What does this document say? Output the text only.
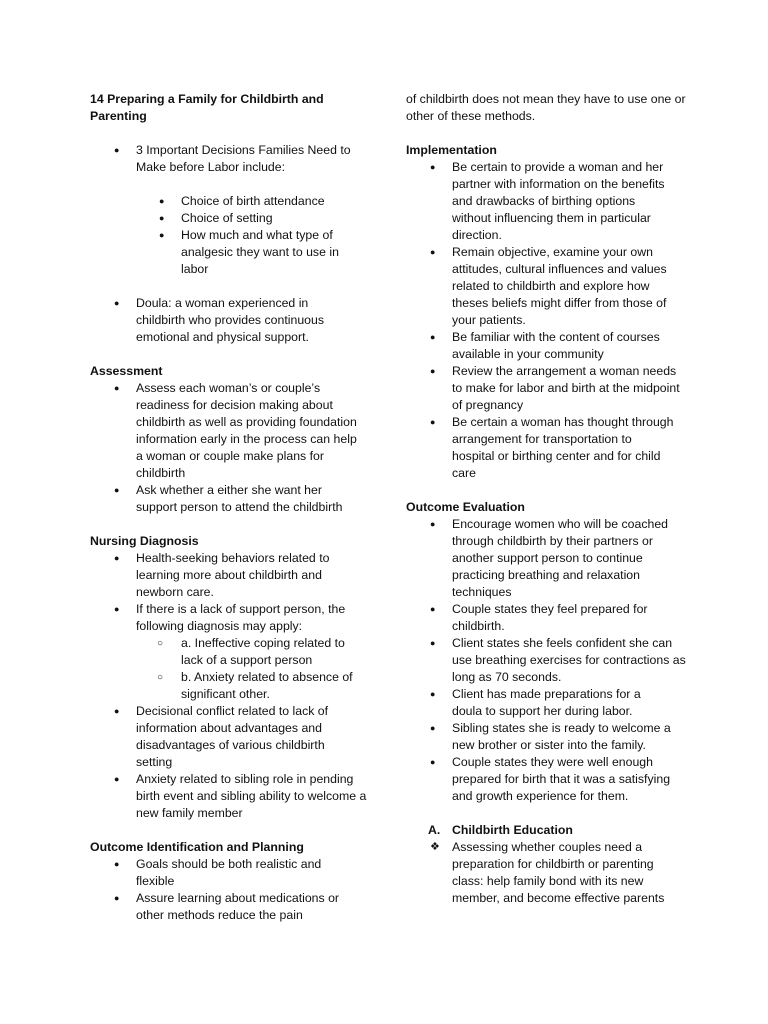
14 Preparing a Family for Childbirth and Parenting

● 3 Important Decisions Families Need to Make before Labor include:
● Choice of birth attendance
● Choice of setting
● How much and what type of analgesic they want to use in labor
● Doula: a woman experienced in childbirth who provides continuous emotional and physical support.

Assessment

● Assess each woman’s or couple’s readiness for decision making about childbirth as well as providing foundation information early in the process can help a woman or couple make plans for childbirth
● Ask whether a either she want her support person to attend the childbirth

Nursing Diagnosis

● Health-seeking behaviors related to learning more about childbirth and newborn care.
● If there is a lack of support person, the following diagnosis may apply:
○ a. Ineffective coping related to lack of a support person
○ b. Anxiety related to absence of significant other.
● Decisional conflict related to lack of information about advantages and disadvantages of various childbirth setting
● Anxiety related to sibling role in pending birth event and sibling ability to welcome a new family member

Outcome Identification and Planning

● Goals should be both realistic and flexible
● Assure learning about medications or other methods reduce the pain

of childbirth does not mean they have to use one or other of these methods.

Implementation

● Be certain to provide a woman and her partner with information on the benefits and drawbacks of birthing options without influencing them in particular direction.
● Remain objective, examine your own attitudes, cultural influences and values related to childbirth and explore how theses beliefs might differ from those of your patients.
● Be familiar with the content of courses available in your community
● Review the arrangement a woman needs to make for labor and birth at the midpoint of pregnancy
● Be certain a woman has thought through arrangement for transportation to hospital or birthing center and for child care

Outcome Evaluation

● Encourage women who will be coached through childbirth by their partners or another support person to continue practicing breathing and relaxation techniques
● Couple states they feel prepared for childbirth.
● Client states she feels confident she can use breathing exercises for contractions as long as 70 seconds.
● Client has made preparations for a doula to support her during labor.
● Sibling states she is ready to welcome a new brother or sister into the family.
● Couple states they were well enough prepared for birth that it was a satisfying and growth experience for them.
A. Childbirth Education
❖ Assessing whether couples need a preparation for childbirth or parenting class: help family bond with its new member, and become effective parents
